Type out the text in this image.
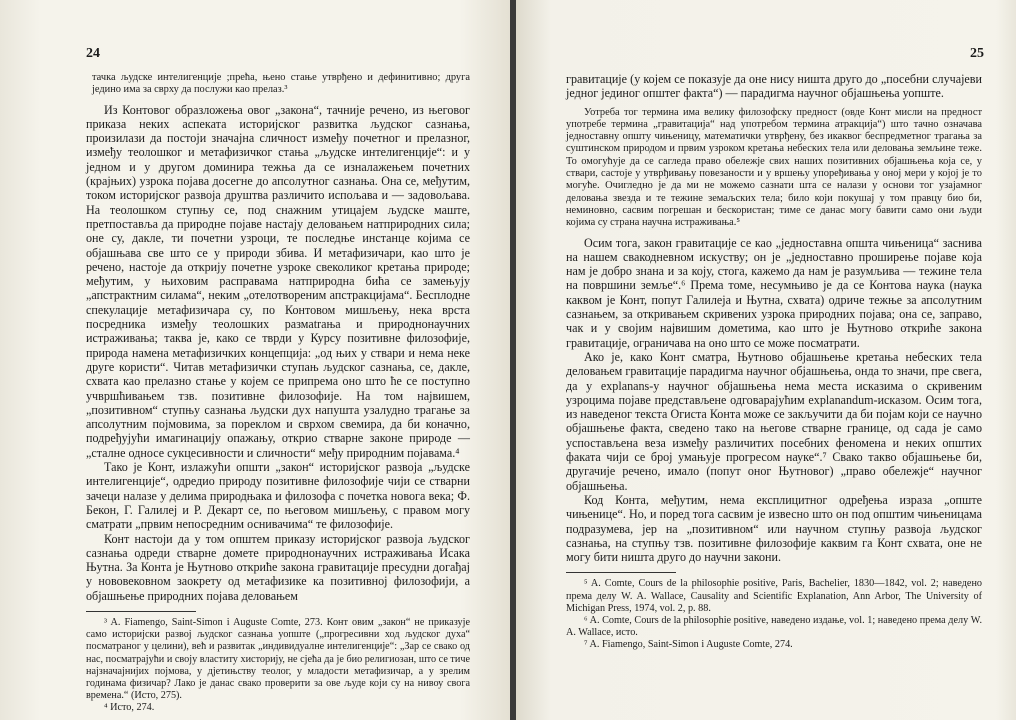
24

тачка људске интелигенције ;прећа, њено стање утврђено и дефинитивно; друга једино има за сврху да послужи као прелаз.³

Из Контовог образложења овог „закона“, тачније речено, из његовог приказа неких аспеката историјског развитка људског сазнања, произилази да постоји значајна сличност између почетног и прелазног, између теолошког и метафизичког стања „људске интелигенције“: и у једном и у другом доминира тежња да се изналажењем почетних (крајњих) узрока појава досегне до апсолутног сазнања. Она се, међутим, током историјског развоја друштва различито испољава и — задовољава. На теолошком ступњу се, под снажним утицајем људске маште, претпоставља да природне појаве настају деловањем натприродних сила; оне су, дакле, ти почетни узроци, те последње инстанце којима се објашњава све што се у природи збива. И метафизичари, као што је речено, настоје да открију почетне узроке свеколиког кретања природе; међутим, у њиховим расправама натприродна бића се замењују „апстрактним силама“, неким „отелотвореним апстракцијама“. Бесплодне спекулације метафизичара су, по Контовом мишљењу, нека врста посредника између теолошких размаtrања и природнонаучних истраживања; таква је, како се тврди у Курсу позитивне филозофије, природа намена метафизичких концепција: „од њих у ствари и нема неке друге користи“. Читав метафизички ступањ људског сазнања, се, дакле, схвата као прелазно стање у којем се припрема оно што ће се поступно учвршћивањем тзв. позитивне филозофије. На том највишем, „позитивном“ ступњу сазнања људски дух напушта узалудно трагање за апсолутним појмовима, за пореклом и сврхом свемира, да би коначно, подређујући имагинацију опажању, открио стварне законе природе — „сталне односе сукцесивности и сличности“ међу природним појавама.⁴

Тако је Конт, излажући општи „закон“ историјског развоја „људске интелигенције“, одредио природу позитивне филозофије чији се стварни зачеци налазе у делима природњака и филозофа с почетка новога века; Ф. Бекон, Г. Галилеј и Р. Декарт се, по његовом мишљењу, с правом могу сматрати „првим непосредним оснивачима“ те филозофије.

Конт настоји да у том општем приказу историјског развоја људског сазнања одреди стварне домете природнонаучних истраживања Исака Њутна. За Конта је Њутново откриће закона гравитације пресудни догађај у нововековном заокрету од метафизике ка позитивној филозофији, а објашњење природних појава деловањем

³ A. Fiamengo, Saint-Simon i Auguste Comte, 273. Конт овим „закон“ не приказује само историјски развој људског сазнања уопште („прогресивни ход људског духа“ посматраног у целини), већ и развитак „индивидуалне интелигенције“: „Зар се свако од нас, посматрајући и своју властиту хисторију, не сјећа да је био религиозан, што се тиче најзначајнијих појмова, у дјетињству теолог, у младости метафизичар, а у зрелим годинама физичар? Лако је данас свако проверити за ове људе који су на нивоу свога времена.“ (Исто, 275).

⁴ Исто, 274.

25

гравитације (у којем се показује да оне нису ништа друго до „посебни случајеви једног јединог општег факта“) — парадигма научног објашњења уопште.

Уотребa тог термина има велику филозофску предност (овде Конт мисли на предност употребе термина „гравитација“ над употребом термина атракција“) што тачно означава једноставну општу чињеницу, математички утврђену, без икаквог беспредметног трагања за суштинском природом и првим узроком кретања небеских тела или деловања земљине теже. То омогућује да се сагледа право обележје свих наших позитивних објашњења која се, у ствари, састоје у утврђивању повезаности и у вршењу упоређивања у оној мери у којој је то могуће. Очигледно је да ми не можемо сазнати шта се налази у основи тог узајамног деловања звезда и те тежине земаљских тела; било који покушај у том правцу био би, неминовно, сасвим погрешан и бескористан; тиме се данас могу бавити само они људи којима су страна научна истраживања.⁵

Осим тога, закон гравитације се као „једноставна општа чињеница“ заснива на нашем свакодневном искуству; он је „једноставно проширење појаве која нам је добро знана и за коју, стога, кажемо да нам је разумљива — тежине тела на површини земље“.⁶ Према томе, несумњиво је да се Контова наука (наука каквом је Конт, попут Галилеја и Њутна, схвата) одриче тежње за апсолутним сазнањем, за откривањем скривених узрока природних појава; она се, заправо, чак и у својим највишим дометима, као што је Њутново откриће закона гравитације, ограничава на оно што се може посматрати.

Ако је, како Конт сматра, Њутново објашњење кретања небеских тела деловањем гравитације парадигма научног објашњења, онда то значи, пре свега, да у explanans-у научног објашњења нема места исказима о скривеним узроцима појаве представљене одговарајућим explanandum-исказом. Осим тога, из наведеног текста Огиста Конта може се закључити да би појам који се научно објашњење факта, сведено тако на његове стварне границе, од сада је само успостављена веза између различитих посебних феномена и неких општих факата чији се број умањује прогресом науке“.⁷ Свако такво објашњење би, другачије речено, имало (попут оног Њутновог) „право обележје“ научног објашњења.

Код Конта, међутим, нема експлицитног одређења израза „опште чињенице“. Но, и поред тога сасвим је извесно што он под општим чињеницама подразумева, јер на „позитивном“ или научном ступњу развоја људског сазнања, на ступњу тзв. позитивне филозофије каквим га Конт схвата, оне не могу бити ништа друго до научни закони.

⁵ A. Comte, Cours de la philosophie positive, Paris, Bachelier, 1830—1842, vol. 2; наведено према делу W. A. Wallace, Causality and Scientific Explanation, Ann Arbor, The University of Michigan Press, 1974, vol. 2, p. 88.

⁶ A. Comte, Cours de la philosophie positive, наведено издање, vol. 1; наведено према делу W. A. Wallace, исто.

⁷ A. Fiamengo, Saint-Simon i Auguste Comte, 274.
